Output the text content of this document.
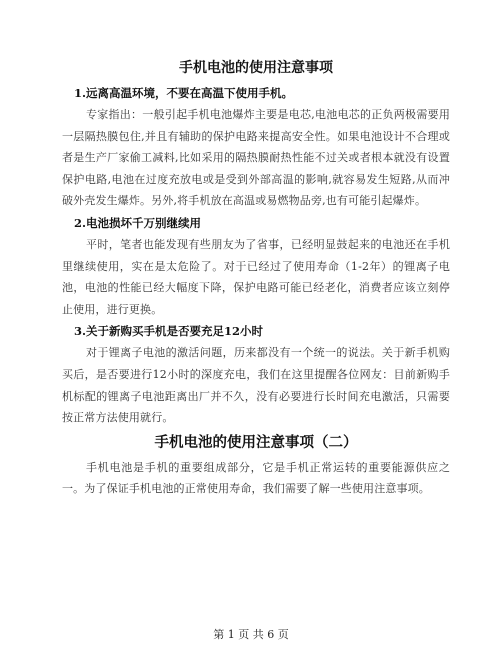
手机电池的使用注意事项
1.远离高温环境，不要在高温下使用手机。

专家指出：一般引起手机电池爆炸主要是电芯,电池电芯的正负两极需要用一层隔热膜包住,并且有辅助的保护电路来提高安全性。如果电池设计不合理或者是生产厂家偷工减料,比如采用的隔热膜耐热性能不过关或者根本就没有设置保护电路,电池在过度充放电或是受到外部高温的影响,就容易发生短路,从而冲破外壳发生爆炸。另外,将手机放在高温或易燃物品旁,也有可能引起爆炸。

2.电池损坏千万别继续用

平时，笔者也能发现有些朋友为了省事，已经明显鼓起来的电池还在手机里继续使用，实在是太危险了。对于已经过了使用寿命（1-2年）的锂离子电池，电池的性能已经大幅度下降，保护电路可能已经老化，消费者应该立刻停止使用，进行更换。

3.关于新购买手机是否要充足12小时

对于锂离子电池的激活问题，历来都没有一个统一的说法。关于新手机购买后，是否要进行12小时的深度充电，我们在这里提醒各位网友：目前新购手机标配的锂离子电池距离出厂并不久，没有必要进行长时间充电激活，只需要按正常方法使用就行。

手机电池的使用注意事项（二）

手机电池是手机的重要组成部分，它是手机正常运转的重要能源供应之一。为了保证手机电池的正常使用寿命，我们需要了解一些使用注意事项。

第 1 页 共 6 页
